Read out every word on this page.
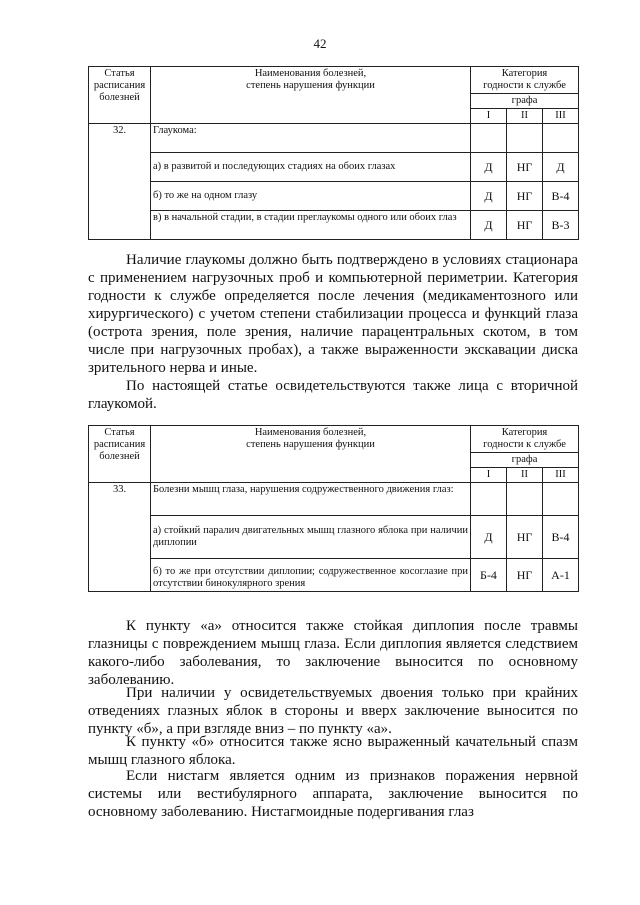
42
Статья
расписания
болезней	Наименования болезней,
степень нарушения функции	Категория
годности к службе		

		графа		
		I	II	III
32.	Глаукома:			
	а) в развитой и последующих стадиях на обоих глазах	Д	НГ	Д
	б) то же на одном глазу	Д	НГ	В-4
	в) в начальной стадии, в стадии преглаукомы одного или обоих глаз	Д	НГ	В-3
Наличие глаукомы должно быть подтверждено в условиях стационара с применением нагрузочных проб и компьютерной периметрии. Категория годности к службе определяется после лечения (медикаментозного или хирургического) с учетом степени стабилизации процесса и функций глаза (острота зрения, поле зрения, наличие парацентральных скотом, в том числе при нагрузочных пробах), а также выраженности экскавации диска зрительного нерва и иные.
По настоящей статье освидетельствуются также лица с вторичной глаукомой.
Статья
расписания
болезней	Наименования болезней,
степень нарушения функции	Категория
годности к службе		

		графа		
		I	II	III
33.	Болезни мышц глаза, нарушения содружественного движения глаз:			
	а) стойкий паралич двигательных мышц глазного яблока при наличии диплопии	Д	НГ	В-4
	б) то же при отсутствии диплопии; содружественное косоглазие при отсутствии бинокулярного зрения	Б-4	НГ	А-1
К пункту «а» относится также стойкая диплопия после травмы глазницы с повреждением мышц глаза. Если диплопия является следствием какого-либо заболевания, то заключение выносится по основному заболеванию.
При наличии у освидетельствуемых двоения только при крайних отведениях глазных яблок в стороны и вверх заключение выносится по пункту «б», а при взгляде вниз – по пункту «а».
К пункту «б» относится также ясно выраженный качательный спазм мышц глазного яблока.
Если нистагм является одним из признаков поражения нервной системы или вестибулярного аппарата, заключение выносится по основному заболеванию. Нистагмоидные подергивания глаз
